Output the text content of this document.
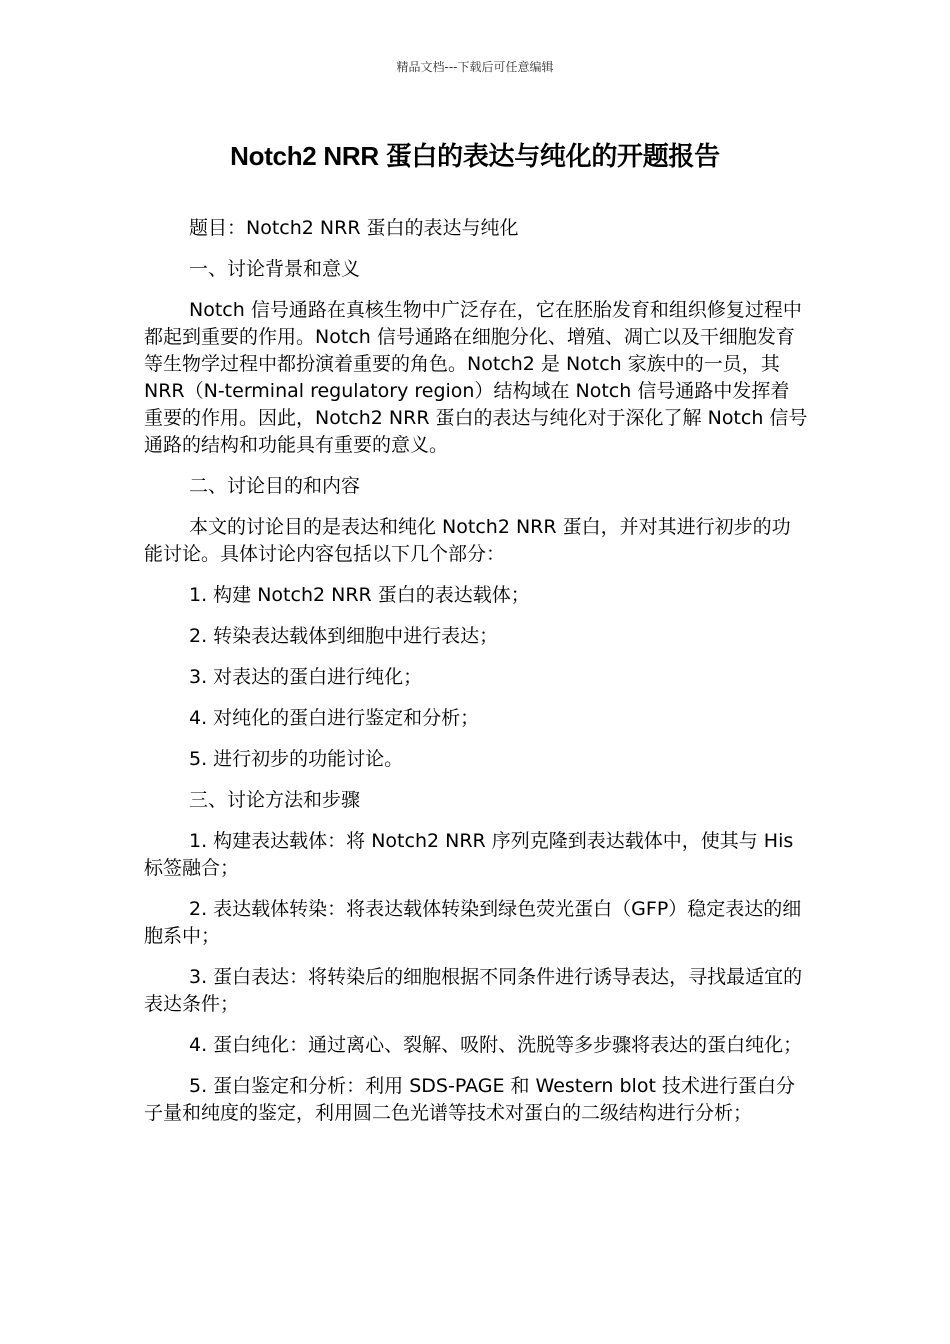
精品文档---下载后可任意编辑
Notch2 NRR 蛋白的表达与纯化的开题报告

题目：Notch2 NRR 蛋白的表达与纯化

一、讨论背景和意义

Notch 信号通路在真核生物中广泛存在，它在胚胎发育和组织修复过程中都起到重要的作用。Notch 信号通路在细胞分化、增殖、凋亡以及干细胞发育等生物学过程中都扮演着重要的角色。Notch2 是 Notch 家族中的一员，其 NRR（N-terminal regulatory region）结构域在 Notch 信号通路中发挥着重要的作用。因此，Notch2 NRR 蛋白的表达与纯化对于深化了解 Notch 信号通路的结构和功能具有重要的意义。

二、讨论目的和内容

本文的讨论目的是表达和纯化 Notch2 NRR 蛋白，并对其进行初步的功能讨论。具体讨论内容包括以下几个部分：

1. 构建 Notch2 NRR 蛋白的表达载体；

2. 转染表达载体到细胞中进行表达；

3. 对表达的蛋白进行纯化；

4. 对纯化的蛋白进行鉴定和分析；

5. 进行初步的功能讨论。

三、讨论方法和步骤

1. 构建表达载体：将 Notch2 NRR 序列克隆到表达载体中，使其与 His 标签融合；

2. 表达载体转染：将表达载体转染到绿色荧光蛋白（GFP）稳定表达的细胞系中；

3. 蛋白表达：将转染后的细胞根据不同条件进行诱导表达，寻找最适宜的表达条件；

4. 蛋白纯化：通过离心、裂解、吸附、洗脱等多步骤将表达的蛋白纯化；

5. 蛋白鉴定和分析：利用 SDS-PAGE 和 Western blot 技术进行蛋白分子量和纯度的鉴定，利用圆二色光谱等技术对蛋白的二级结构进行分析；
